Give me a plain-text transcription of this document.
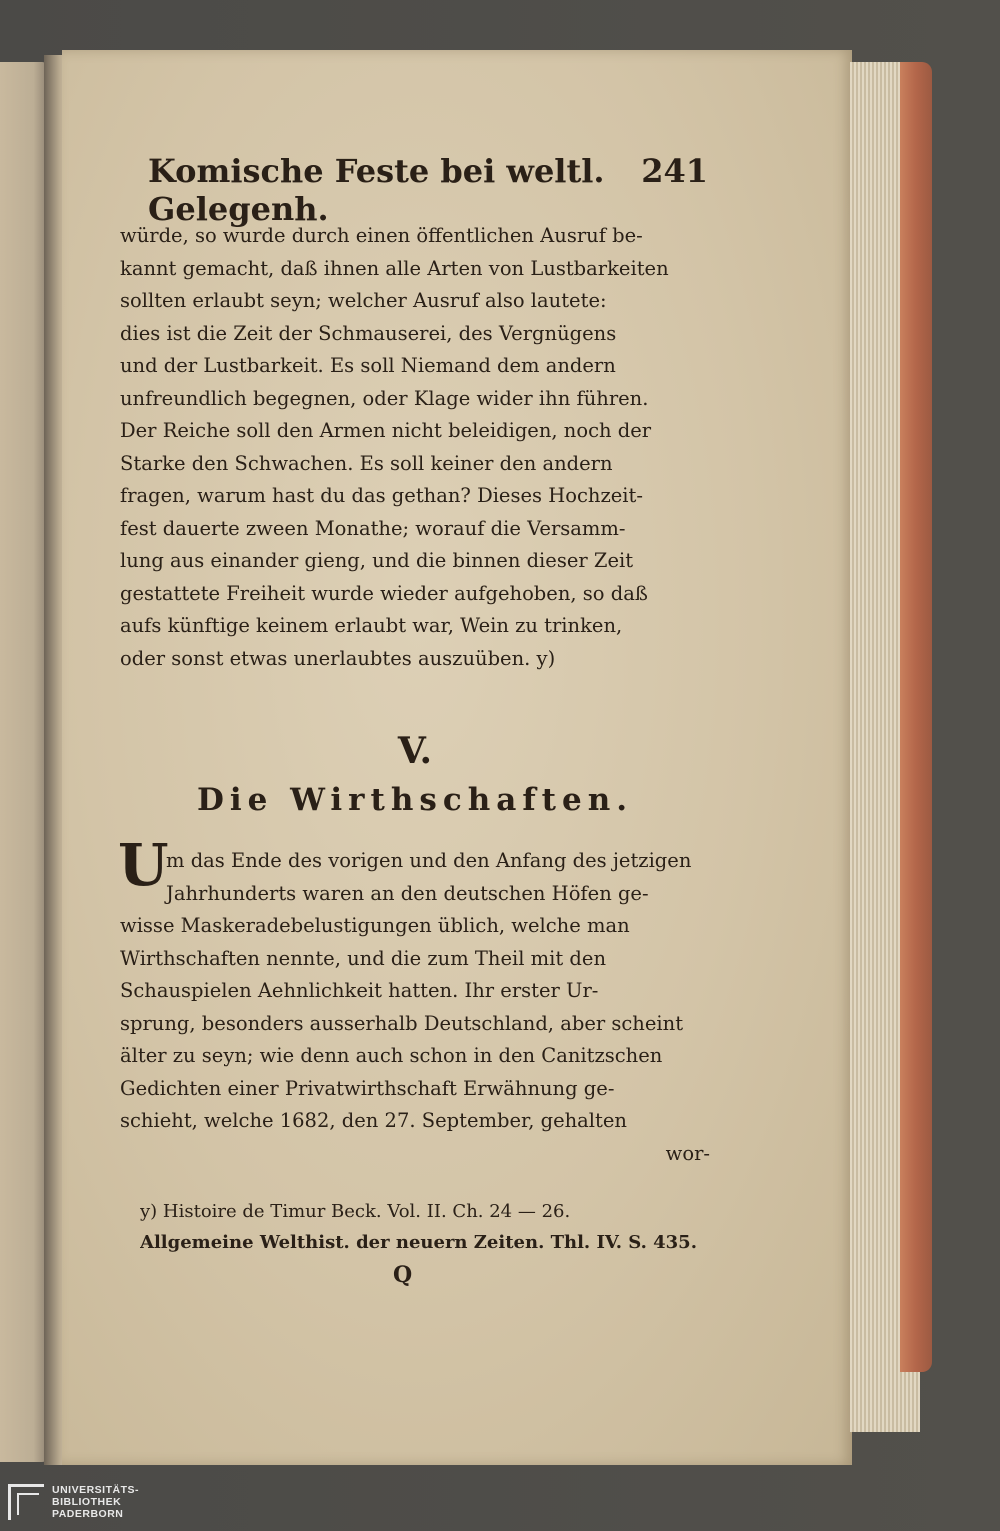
Komische Feste bei weltl. Gelegenh.
241
würde, so wurde durch einen öffentlichen Ausruf be-
kannt gemacht, daß ihnen alle Arten von Lustbarkeiten
sollten erlaubt seyn; welcher Ausruf also lautete:
dies ist die Zeit der Schmauserei, des Vergnügens
und der Lustbarkeit. Es soll Niemand dem andern
unfreundlich begegnen, oder Klage wider ihn führen.
Der Reiche soll den Armen nicht beleidigen, noch der
Starke den Schwachen. Es soll keiner den andern
fragen, warum hast du das gethan? Dieses Hochzeit-
fest dauerte zween Monathe; worauf die Versamm-
lung aus einander gieng, und die binnen dieser Zeit
gestattete Freiheit wurde wieder aufgehoben, so daß
aufs künftige keinem erlaubt war, Wein zu trinken,
oder sonst etwas unerlaubtes auszuüben. y)
V.
Die Wirthschaften.
U
m das Ende des vorigen und den Anfang des jetzigen
Jahrhunderts waren an den deutschen Höfen ge-
wisse Maskeradebelustigungen üblich, welche man
Wirthschaften nennte, und die zum Theil mit den
Schauspielen Aehnlichkeit hatten. Ihr erster Ur-
sprung, besonders ausserhalb Deutschland, aber scheint
älter zu seyn; wie denn auch schon in den Canitzschen
Gedichten einer Privatwirthschaft Erwähnung ge-
schieht, welche 1682, den 27. September, gehalten
wor-
y) Histoire de Timur Beck. Vol. II. Ch. 24 — 26.
Allgemeine Welthist. der neuern Zeiten. Thl. IV. S. 435.
Q
UNIVERSITÄTS-
BIBLIOTHEK
PADERBORN
